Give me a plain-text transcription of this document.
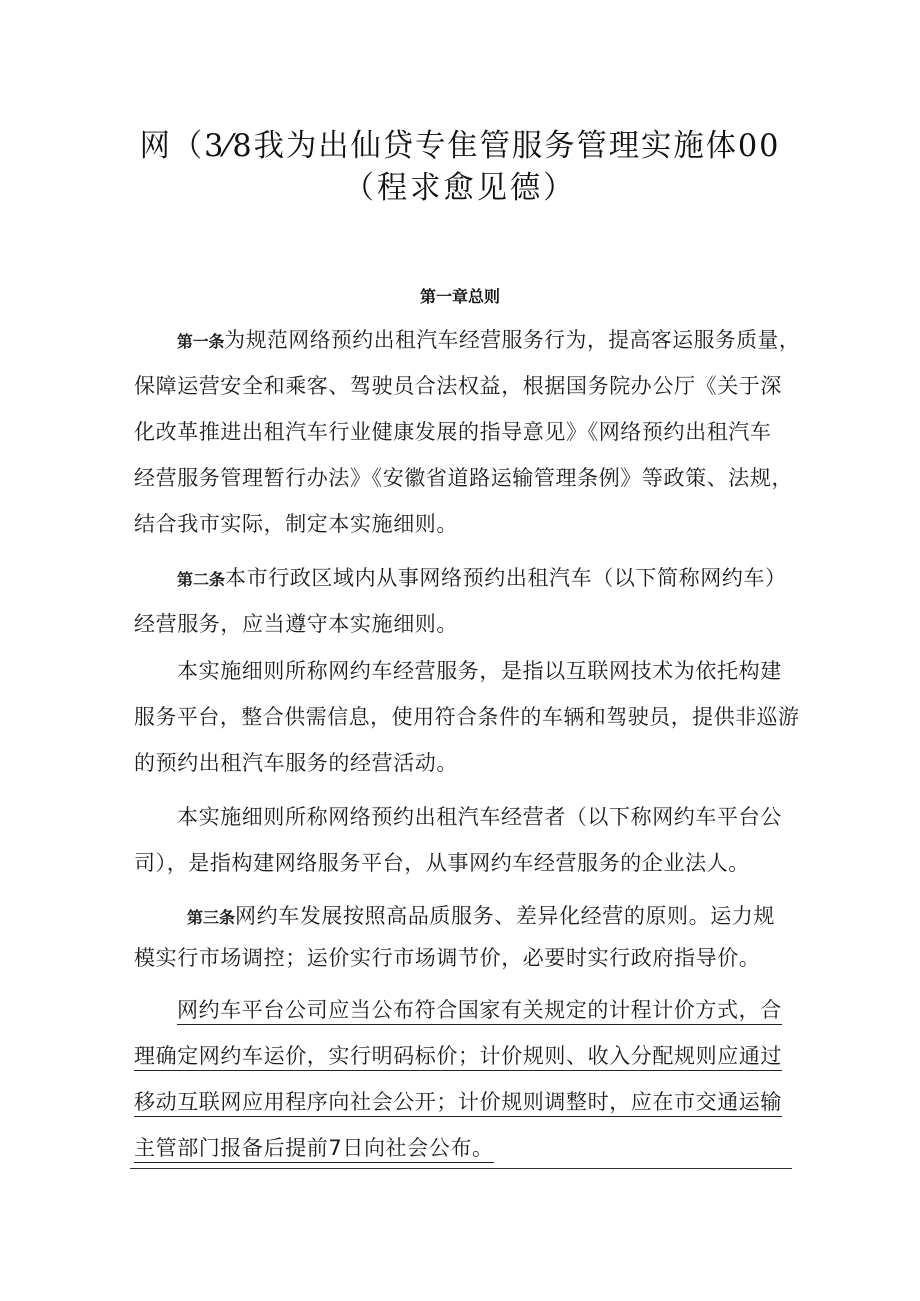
网（3⁄8我为出仙贷专隹管服务管理实施体00
（程求愈见德）
第一章总则
第一条为规范网络预约出租汽车经营服务行为，提高客运服务质量，
保障运营安全和乘客、驾驶员合法权益，根据国务院办公厅《关于深
化改革推进出租汽车行业健康发展的指导意见》《网络预约出租汽车
经营服务管理暂行办法》《安徽省道路运输管理条例》等政策、法规，
结合我市实际，制定本实施细则。
第二条本市行政区域内从事网络预约出租汽车（以下简称网约车）
经营服务，应当遵守本实施细则。
本实施细则所称网约车经营服务，是指以互联网技术为依托构建
服务平台，整合供需信息，使用符合条件的车辆和驾驶员，提供非巡游
的预约出租汽车服务的经营活动。
本实施细则所称网络预约出租汽车经营者（以下称网约车平台公
司），是指构建网络服务平台，从事网约车经营服务的企业法人。
第三条网约车发展按照高品质服务、差异化经营的原则。运力规
模实行市场调控；运价实行市场调节价，必要时实行政府指导价。
网约车平台公司应当公布符合国家有关规定的计程计价方式，合
理确定网约车运价，实行明码标价；计价规则、收入分配规则应通过
移动互联网应用程序向社会公开；计价规则调整时，应在市交通运输
主管部门报备后提前7日向社会公布。
